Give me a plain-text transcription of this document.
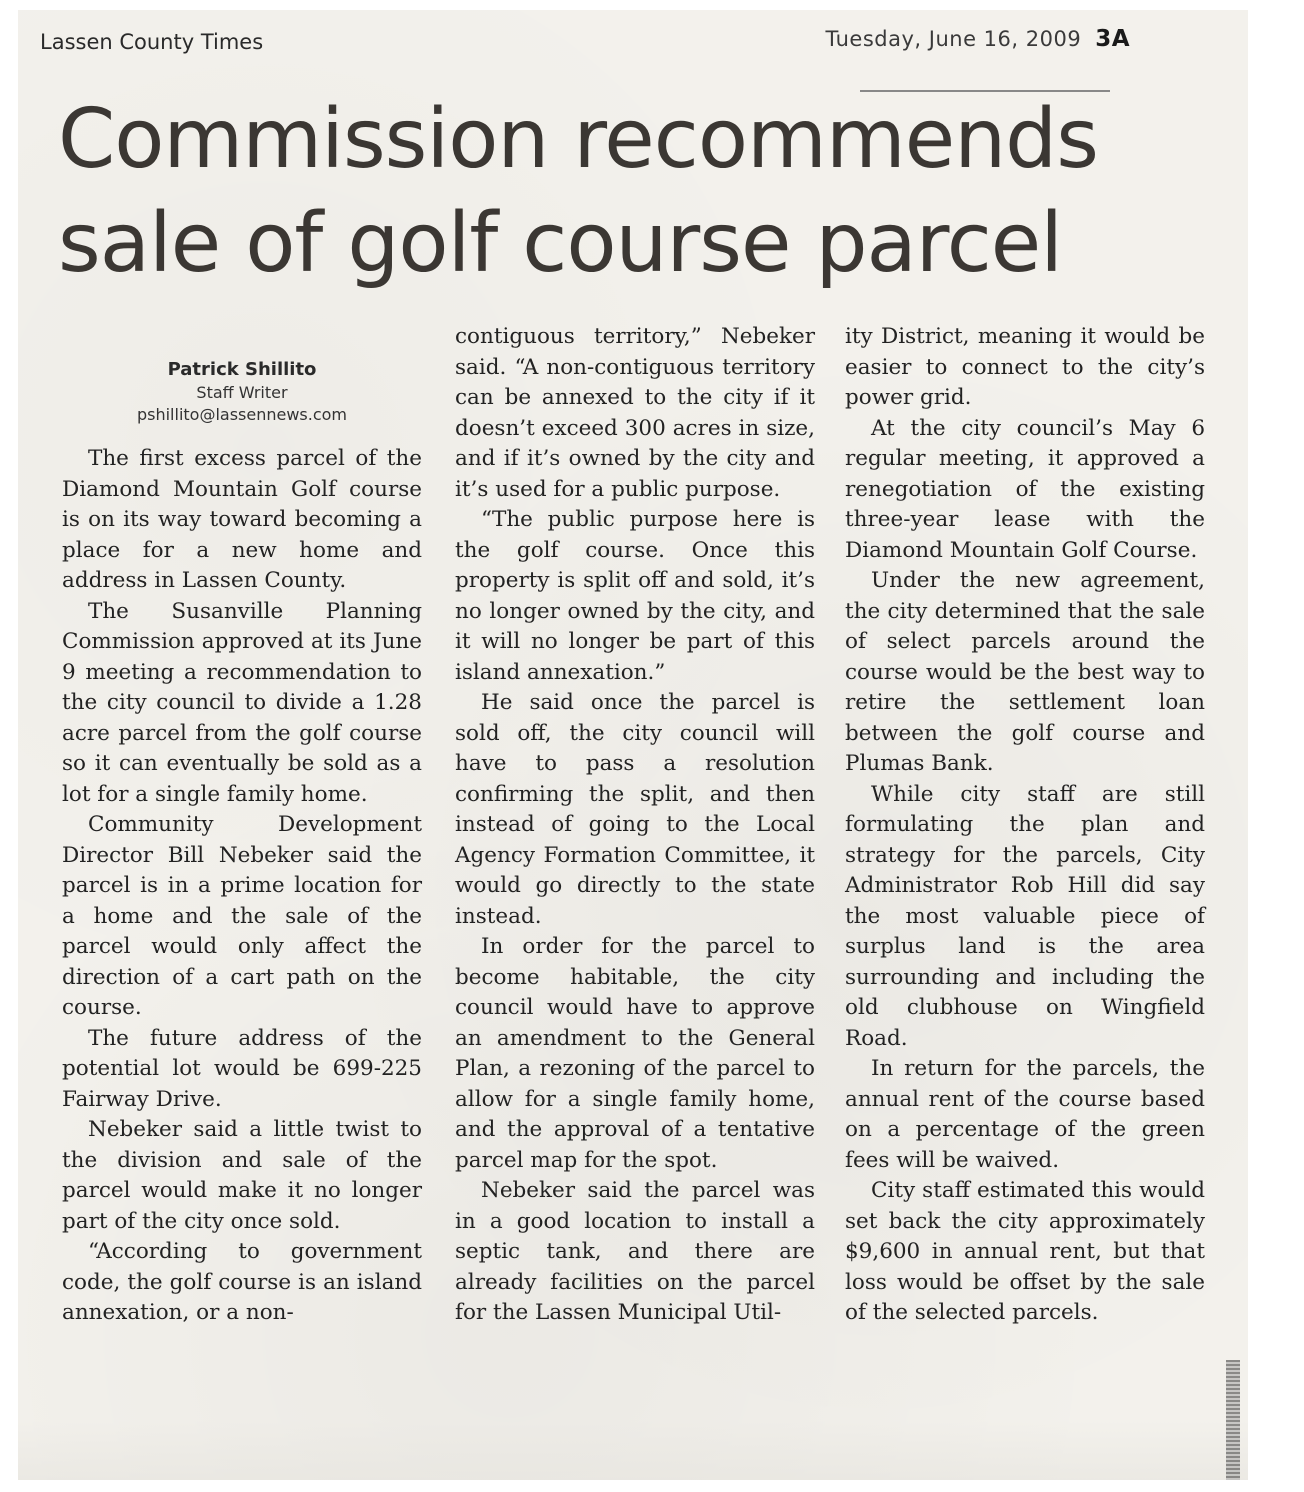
Lassen County Times	Tuesday, June 16, 2009 3A
Commission recommends
sale of golf course parcel
Patrick Shillito
Staff Writer
pshillito@lassennews.com

The first excess parcel of the Diamond Mountain Golf course is on its way toward becoming a place for a new home and address in Lassen County.

The Susanville Planning Commission approved at its June 9 meeting a recommendation to the city council to divide a 1.28 acre parcel from the golf course so it can eventually be sold as a lot for a single family home.

Community Development Director Bill Nebeker said the parcel is in a prime location for a home and the sale of the parcel would only affect the direction of a cart path on the course.

The future address of the potential lot would be 699-225 Fairway Drive.

Nebeker said a little twist to the division and sale of the parcel would make it no longer part of the city once sold.

“According to government code, the golf course is an island annexation, or a non-

contiguous territory,” Nebeker said. “A non-contiguous territory can be annexed to the city if it doesn’t exceed 300 acres in size, and if it’s owned by the city and it’s used for a public purpose.

“The public purpose here is the golf course. Once this property is split off and sold, it’s no longer owned by the city, and it will no longer be part of this island annexation.”

He said once the parcel is sold off, the city council will have to pass a resolution confirming the split, and then instead of going to the Local Agency Formation Committee, it would go directly to the state instead.

In order for the parcel to become habitable, the city council would have to approve an amendment to the General Plan, a rezoning of the parcel to allow for a single family home, and the approval of a tentative parcel map for the spot.

Nebeker said the parcel was in a good location to install a septic tank, and there are already facilities on the parcel for the Lassen Municipal Util-

ity District, meaning it would be easier to connect to the city’s power grid.

At the city council’s May 6 regular meeting, it approved a renegotiation of the existing three-year lease with the Diamond Mountain Golf Course.

Under the new agreement, the city determined that the sale of select parcels around the course would be the best way to retire the settlement loan between the golf course and Plumas Bank.

While city staff are still formulating the plan and strategy for the parcels, City Administrator Rob Hill did say the most valuable piece of surplus land is the area surrounding and including the old clubhouse on Wingfield Road.

In return for the parcels, the annual rent of the course based on a percentage of the green fees will be waived.

City staff estimated this would set back the city approximately $9,600 in annual rent, but that loss would be offset by the sale of the selected parcels.
